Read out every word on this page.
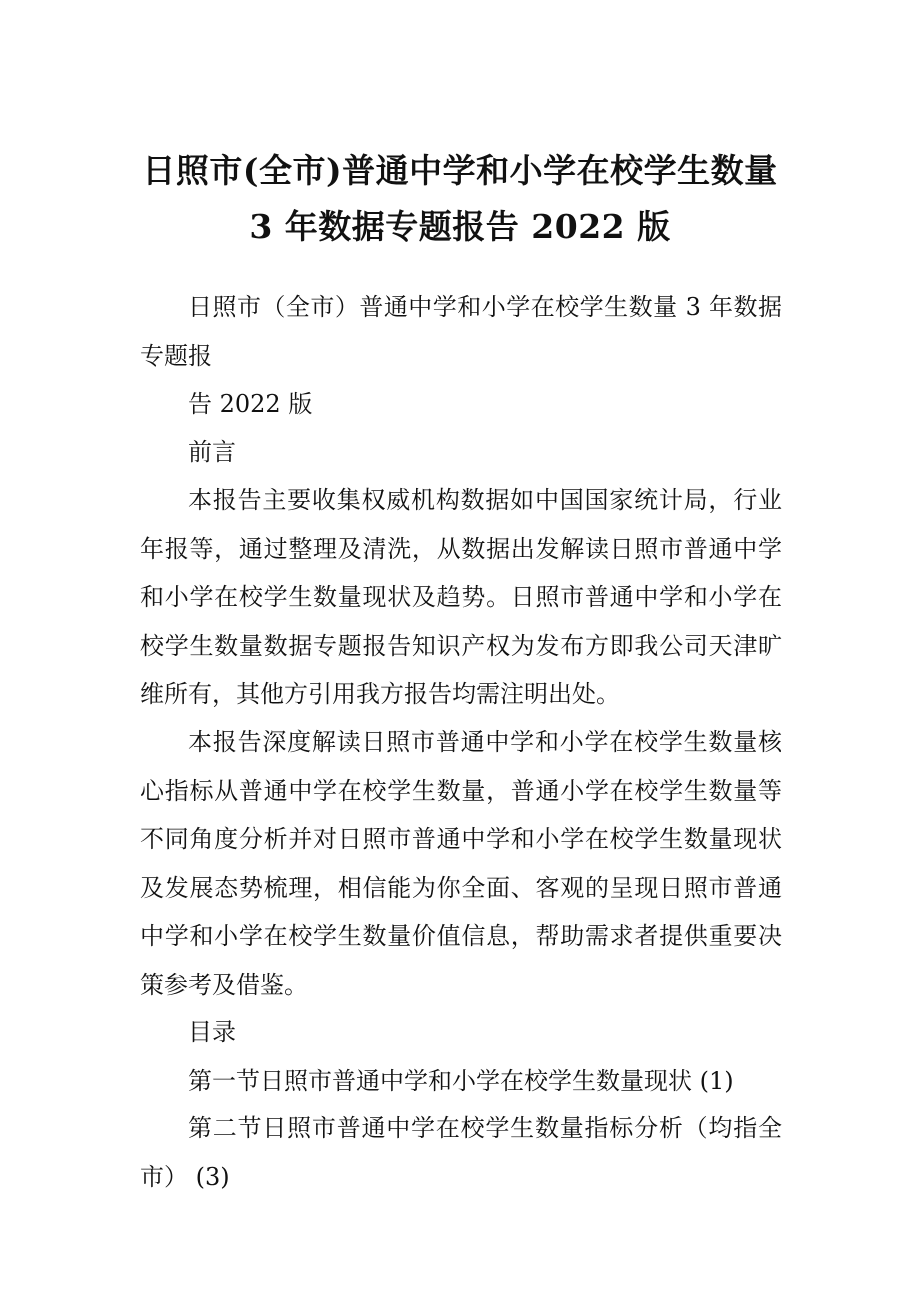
日照市(全市)普通中学和小学在校学生数量
3 年数据专题报告 2022 版

日照市（全市）普通中学和小学在校学生数量 3 年数据专题报

告 2022 版

前言

本报告主要收集权威机构数据如中国国家统计局，行业年报等，通过整理及清洗，从数据出发解读日照市普通中学和小学在校学生数量现状及趋势。日照市普通中学和小学在校学生数量数据专题报告知识产权为发布方即我公司天津旷维所有，其他方引用我方报告均需注明出处。

本报告深度解读日照市普通中学和小学在校学生数量核心指标从普通中学在校学生数量，普通小学在校学生数量等不同角度分析并对日照市普通中学和小学在校学生数量现状及发展态势梳理，相信能为你全面、客观的呈现日照市普通中学和小学在校学生数量价值信息，帮助需求者提供重要决策参考及借鉴。

目录

第一节日照市普通中学和小学在校学生数量现状 (1)

第二节日照市普通中学在校学生数量指标分析（均指全市） (3)
